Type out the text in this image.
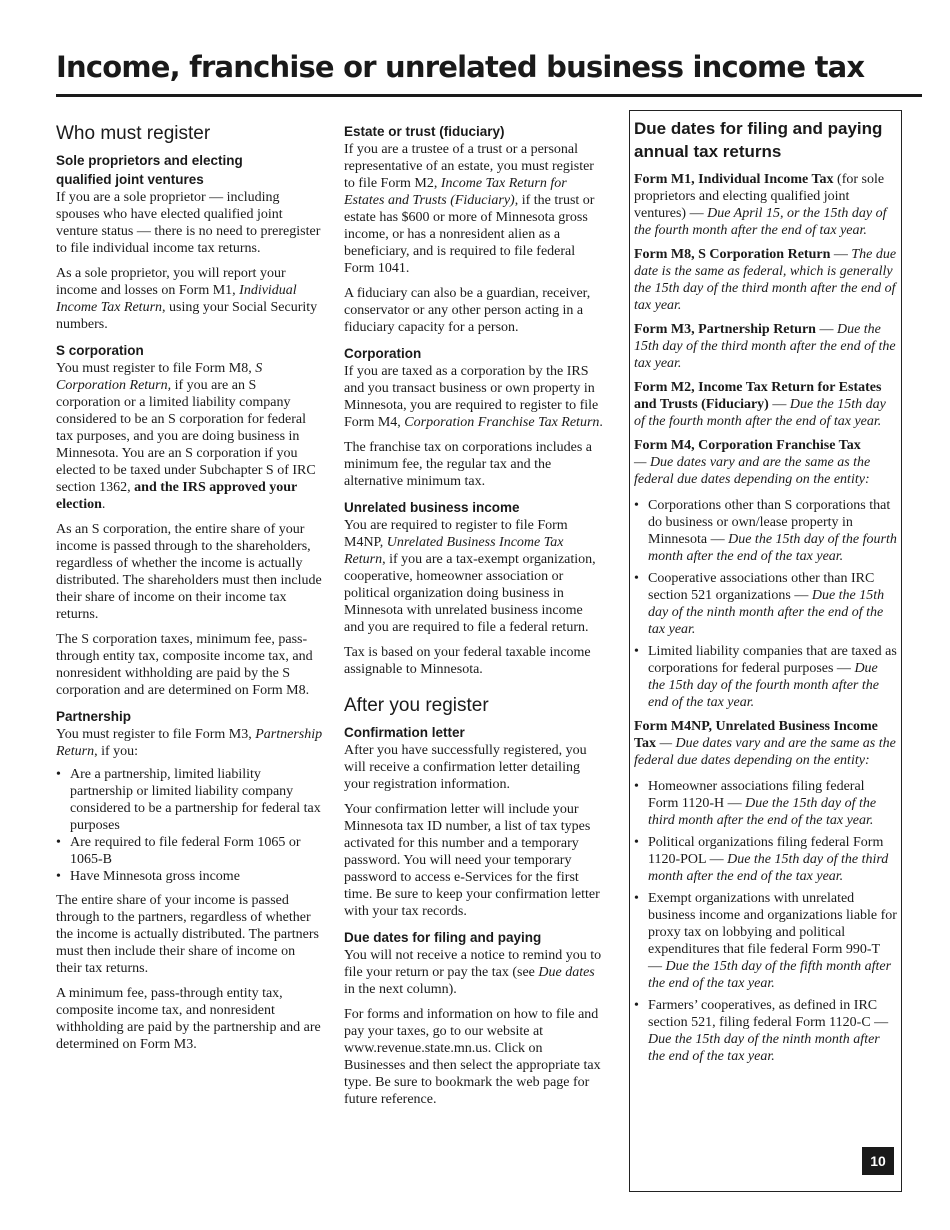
Income, franchise or unrelated business income tax
Who must register
Sole proprietors and electing
qualified joint ventures

If you are a sole proprietor — including spouses who have elected qualified joint venture status — there is no need to preregister to file individual income tax returns.

As a sole proprietor, you will report your income and losses on Form M1, Individual Income Tax Return, using your Social Security numbers.

S corporation

You must register to file Form M8, S Corporation Return, if you are an S corporation or a limited liability company considered to be an S corporation for federal tax purposes, and you are doing business in Minnesota. You are an S corporation if you elected to be taxed under Subchapter S of IRC section 1362, and the IRS approved your election.

As an S corporation, the entire share of your income is passed through to the shareholders, regardless of whether the income is actually distributed. The shareholders must then include their share of income on their income tax returns.

The S corporation taxes, minimum fee, pass-through entity tax, composite income tax, and nonresident withholding are paid by the S corporation and are determined on Form M8.

Partnership

You must register to file Form M3, Partnership Return, if you:

• Are a partnership, limited liability partnership or limited liability company considered to be a partnership for federal tax purposes
• Are required to file federal Form 1065 or 1065-B
• Have Minnesota gross income

The entire share of your income is passed through to the partners, regardless of whether the income is actually distributed. The partners must then include their share of income on their tax returns.

A minimum fee, pass-through entity tax, composite income tax, and nonresident withholding are paid by the partnership and are determined on Form M3.

Estate or trust (fiduciary)

If you are a trustee of a trust or a personal representative of an estate, you must register to file Form M2, Income Tax Return for Estates and Trusts (Fiduciary), if the trust or estate has $600 or more of Minnesota gross income, or has a nonresident alien as a beneficiary, and is required to file federal Form 1041.

A fiduciary can also be a guardian, receiver, conservator or any other person acting in a fiduciary capacity for a person.

Corporation

If you are taxed as a corporation by the IRS and you transact business or own property in Minnesota, you are required to register to file Form M4, Corporation Franchise Tax Return.

The franchise tax on corporations includes a minimum fee, the regular tax and the alternative minimum tax.

Unrelated business income

You are required to register to file Form M4NP, Unrelated Business Income Tax Return, if you are a tax-exempt organization, cooperative, homeowner association or political organization doing business in Minnesota with unrelated business income and you are required to file a federal return.

Tax is based on your federal taxable income assignable to Minnesota.

After you register
Confirmation letter

After you have successfully registered, you will receive a confirmation letter detailing your registration information.

Your confirmation letter will include your Minnesota tax ID number, a list of tax types activated for this number and a temporary password. You will need your temporary password to access e-Services for the first time. Be sure to keep your confirmation letter with your tax records.

Due dates for filing and paying

You will not receive a notice to remind you to file your return or pay the tax (see Due dates in the next column).

For forms and information on how to file and pay your taxes, go to our website at www.revenue.state.mn.us. Click on Businesses and then select the appropriate tax type. Be sure to bookmark the web page for future reference.

Due dates for filing and paying annual tax returns

Form M1, Individual Income Tax (for sole proprietors and electing qualified joint ventures) — Due April 15, or the 15th day of the fourth month after the end of tax year.

Form M8, S Corporation Return — The due date is the same as federal, which is generally the 15th day of the third month after the end of tax year.

Form M3, Partnership Return — Due the 15th day of the third month after the end of the tax year.

Form M2, Income Tax Return for Estates and Trusts (Fiduciary) — Due the 15th day of the fourth month after the end of tax year.

Form M4, Corporation Franchise Tax
— Due dates vary and are the same as the federal due dates depending on the entity:

• Corporations other than S corporations that do business or own/lease property in Minnesota — Due the 15th day of the fourth month after the end of the tax year.
• Cooperative associations other than IRC section 521 organizations — Due the 15th day of the ninth month after the end of the tax year.
• Limited liability companies that are taxed as corporations for federal purposes — Due the 15th day of the fourth month after the end of the tax year.

Form M4NP, Unrelated Business Income Tax — Due dates vary and are the same as the federal due dates depending on the entity:

• Homeowner associations filing federal Form 1120-H — Due the 15th day of the third month after the end of the tax year.
• Political organizations filing federal Form 1120-POL — Due the 15th day of the third month after the end of the tax year.
• Exempt organizations with unrelated business income and organizations liable for proxy tax on lobbying and political expenditures that file federal Form 990-T — Due the 15th day of the fifth month after the end of the tax year.
• Farmers’ cooperatives, as defined in IRC section 521, filing federal Form 1120-C — Due the 15th day of the ninth month after the end of the tax year.
10
